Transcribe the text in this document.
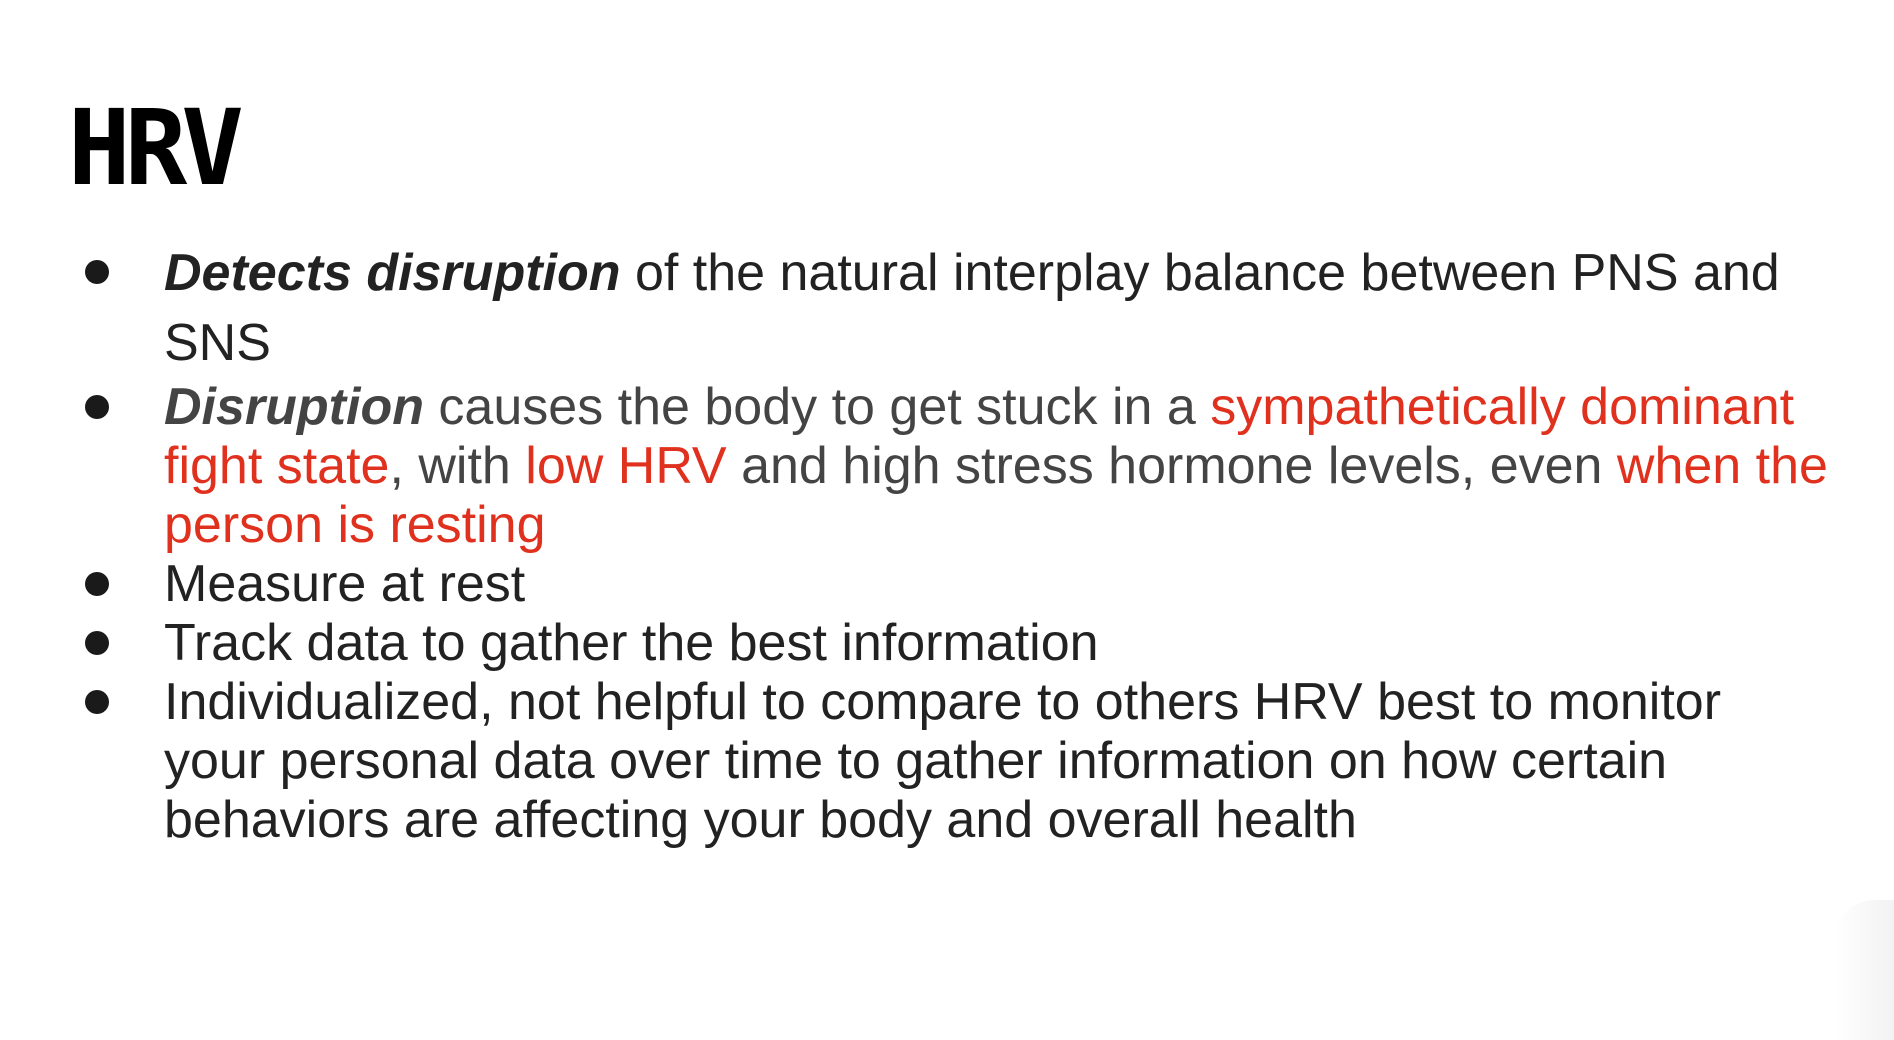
HRV
Detects disruption of the natural interplay balance between PNS and SNS
Disruption causes the body to get stuck in a sympathetically dominant fight state, with low HRV and high stress hormone levels, even when the person is resting
Measure at rest
Track data to gather the best information
Individualized, not helpful to compare to others HRV best to monitor your personal data over time to gather information on how certain behaviors are affecting your body and overall health
